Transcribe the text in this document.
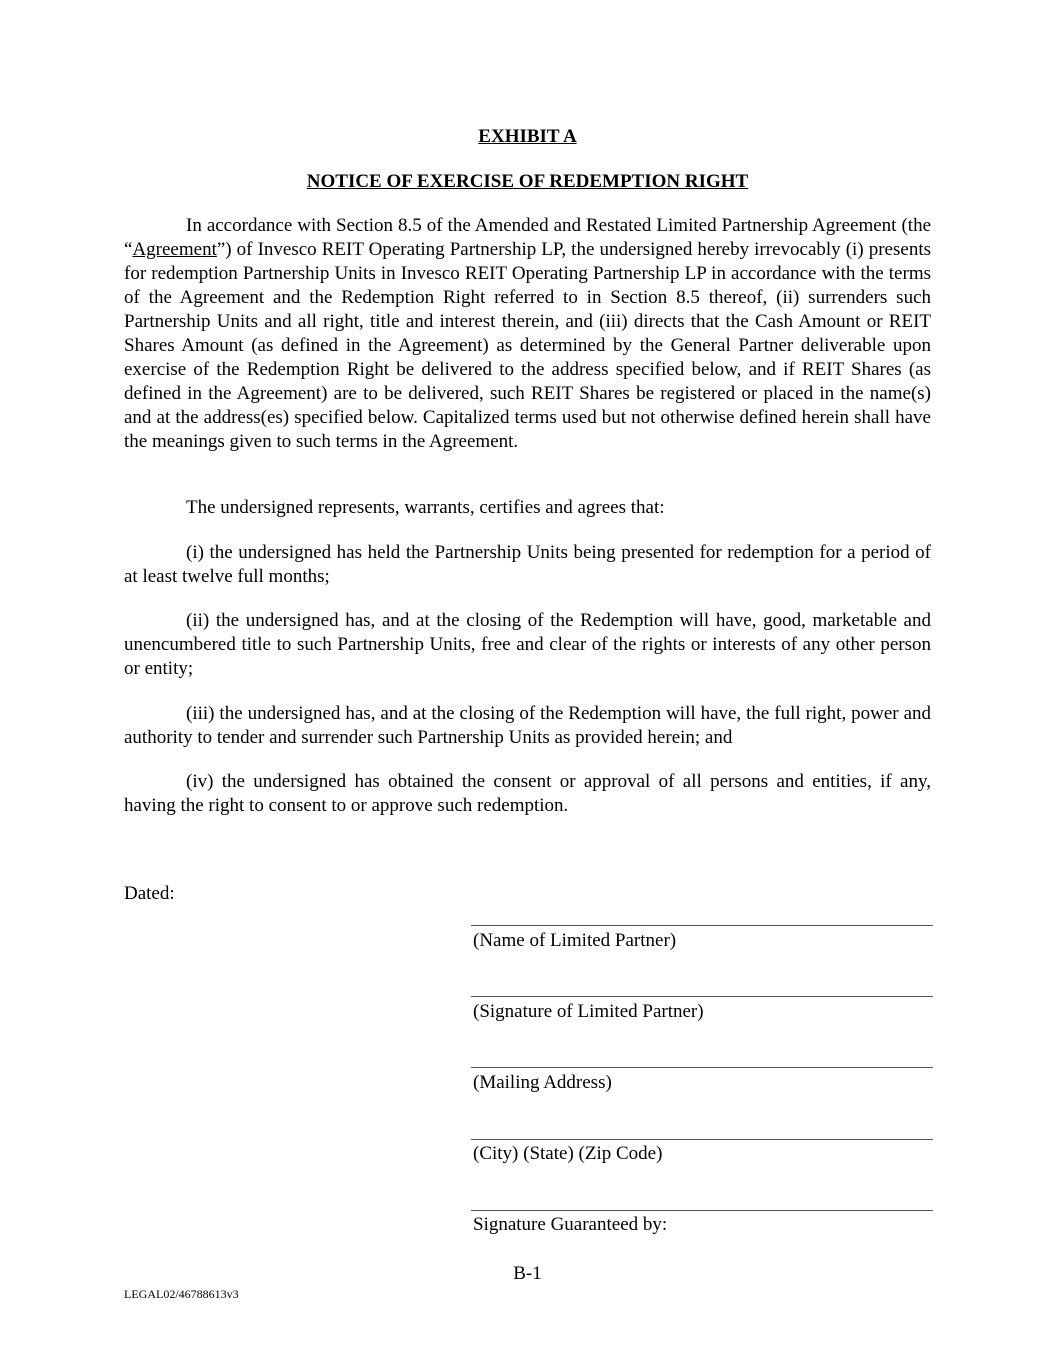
EXHIBIT A
NOTICE OF EXERCISE OF REDEMPTION RIGHT

In accordance with Section 8.5 of the Amended and Restated Limited Partnership Agreement (the “Agreement”) of Invesco REIT Operating Partnership LP, the undersigned hereby irrevocably (i) presents for redemption Partnership Units in Invesco REIT Operating Partnership LP in accordance with the terms of the Agreement and the Redemption Right referred to in Section 8.5 thereof, (ii) surrenders such Partnership Units and all right, title and interest therein, and (iii) directs that the Cash Amount or REIT Shares Amount (as defined in the Agreement) as determined by the General Partner deliverable upon exercise of the Redemption Right be delivered to the address specified below, and if REIT Shares (as defined in the Agreement) are to be delivered, such REIT Shares be registered or placed in the name(s) and at the address(es) specified below. Capitalized terms used but not otherwise defined herein shall have the meanings given to such terms in the Agreement.

The undersigned represents, warrants, certifies and agrees that:

(i) the undersigned has held the Partnership Units being presented for redemption for a period of at least twelve full months;

(ii) the undersigned has, and at the closing of the Redemption will have, good, marketable and unencumbered title to such Partnership Units, free and clear of the rights or interests of any other person or entity;

(iii) the undersigned has, and at the closing of the Redemption will have, the full right, power and authority to tender and surrender such Partnership Units as provided herein; and

(iv) the undersigned has obtained the consent or approval of all persons and entities, if any, having the right to consent to or approve such redemption.

Dated:
(Name of Limited Partner)
(Signature of Limited Partner)
(Mailing Address)
(City) (State) (Zip Code)
Signature Guaranteed by:
B-1
LEGAL02/46788613v3
